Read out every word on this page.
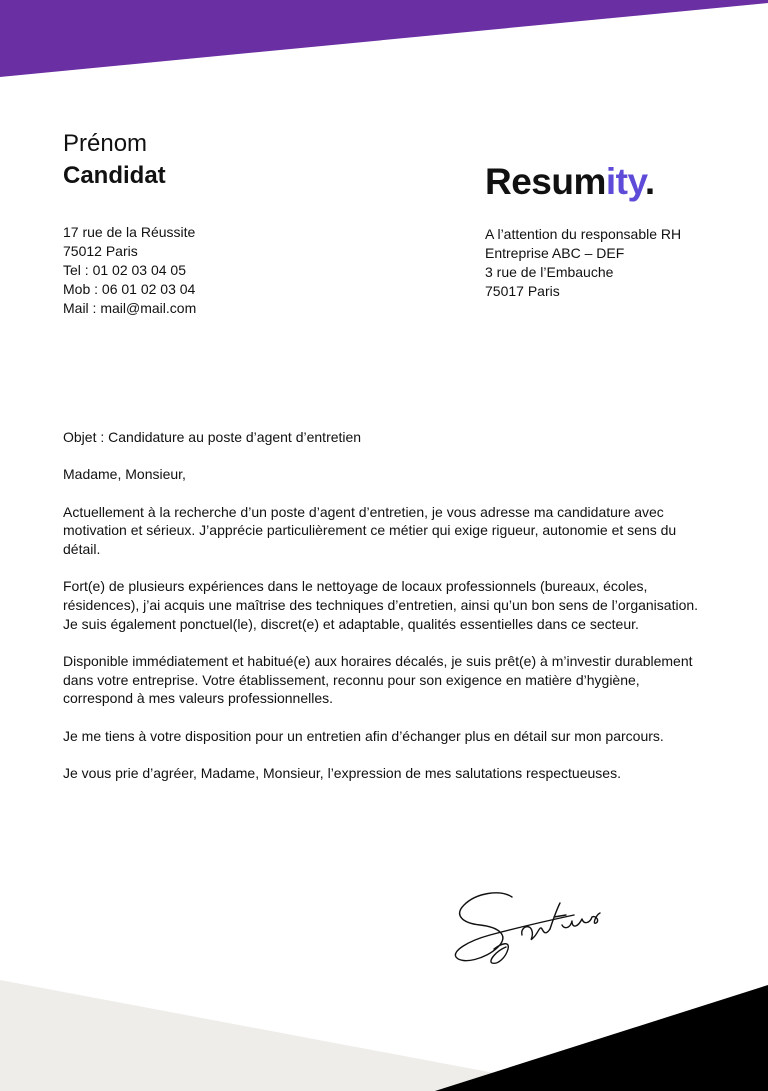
Prénom
Candidat	Resumity.
17 rue de la Réussite
75012 Paris
Tel : 01 02 03 04 05
Mob : 06 01 02 03 04
Mail : mail@mail.com
A l’attention du responsable RH
Entreprise ABC – DEF
3 rue de l’Embauche
75017 Paris

Objet : Candidature au poste d’agent d’entretien

Madame, Monsieur,

Actuellement à la recherche d’un poste d’agent d’entretien, je vous adresse ma candidature avec motivation et sérieux. J’apprécie particulièrement ce métier qui exige rigueur, autonomie et sens du détail.

Fort(e) de plusieurs expériences dans le nettoyage de locaux professionnels (bureaux, écoles, résidences), j’ai acquis une maîtrise des techniques d’entretien, ainsi qu’un bon sens de l’organisation. Je suis également ponctuel(le), discret(e) et adaptable, qualités essentielles dans ce secteur.

Disponible immédiatement et habitué(e) aux horaires décalés, je suis prêt(e) à m’investir durablement dans votre entreprise. Votre établissement, reconnu pour son exigence en matière d’hygiène, correspond à mes valeurs professionnelles.

Je me tiens à votre disposition pour un entretien afin d’échanger plus en détail sur mon parcours.

Je vous prie d’agréer, Madame, Monsieur, l’expression de mes salutations respectueuses.
